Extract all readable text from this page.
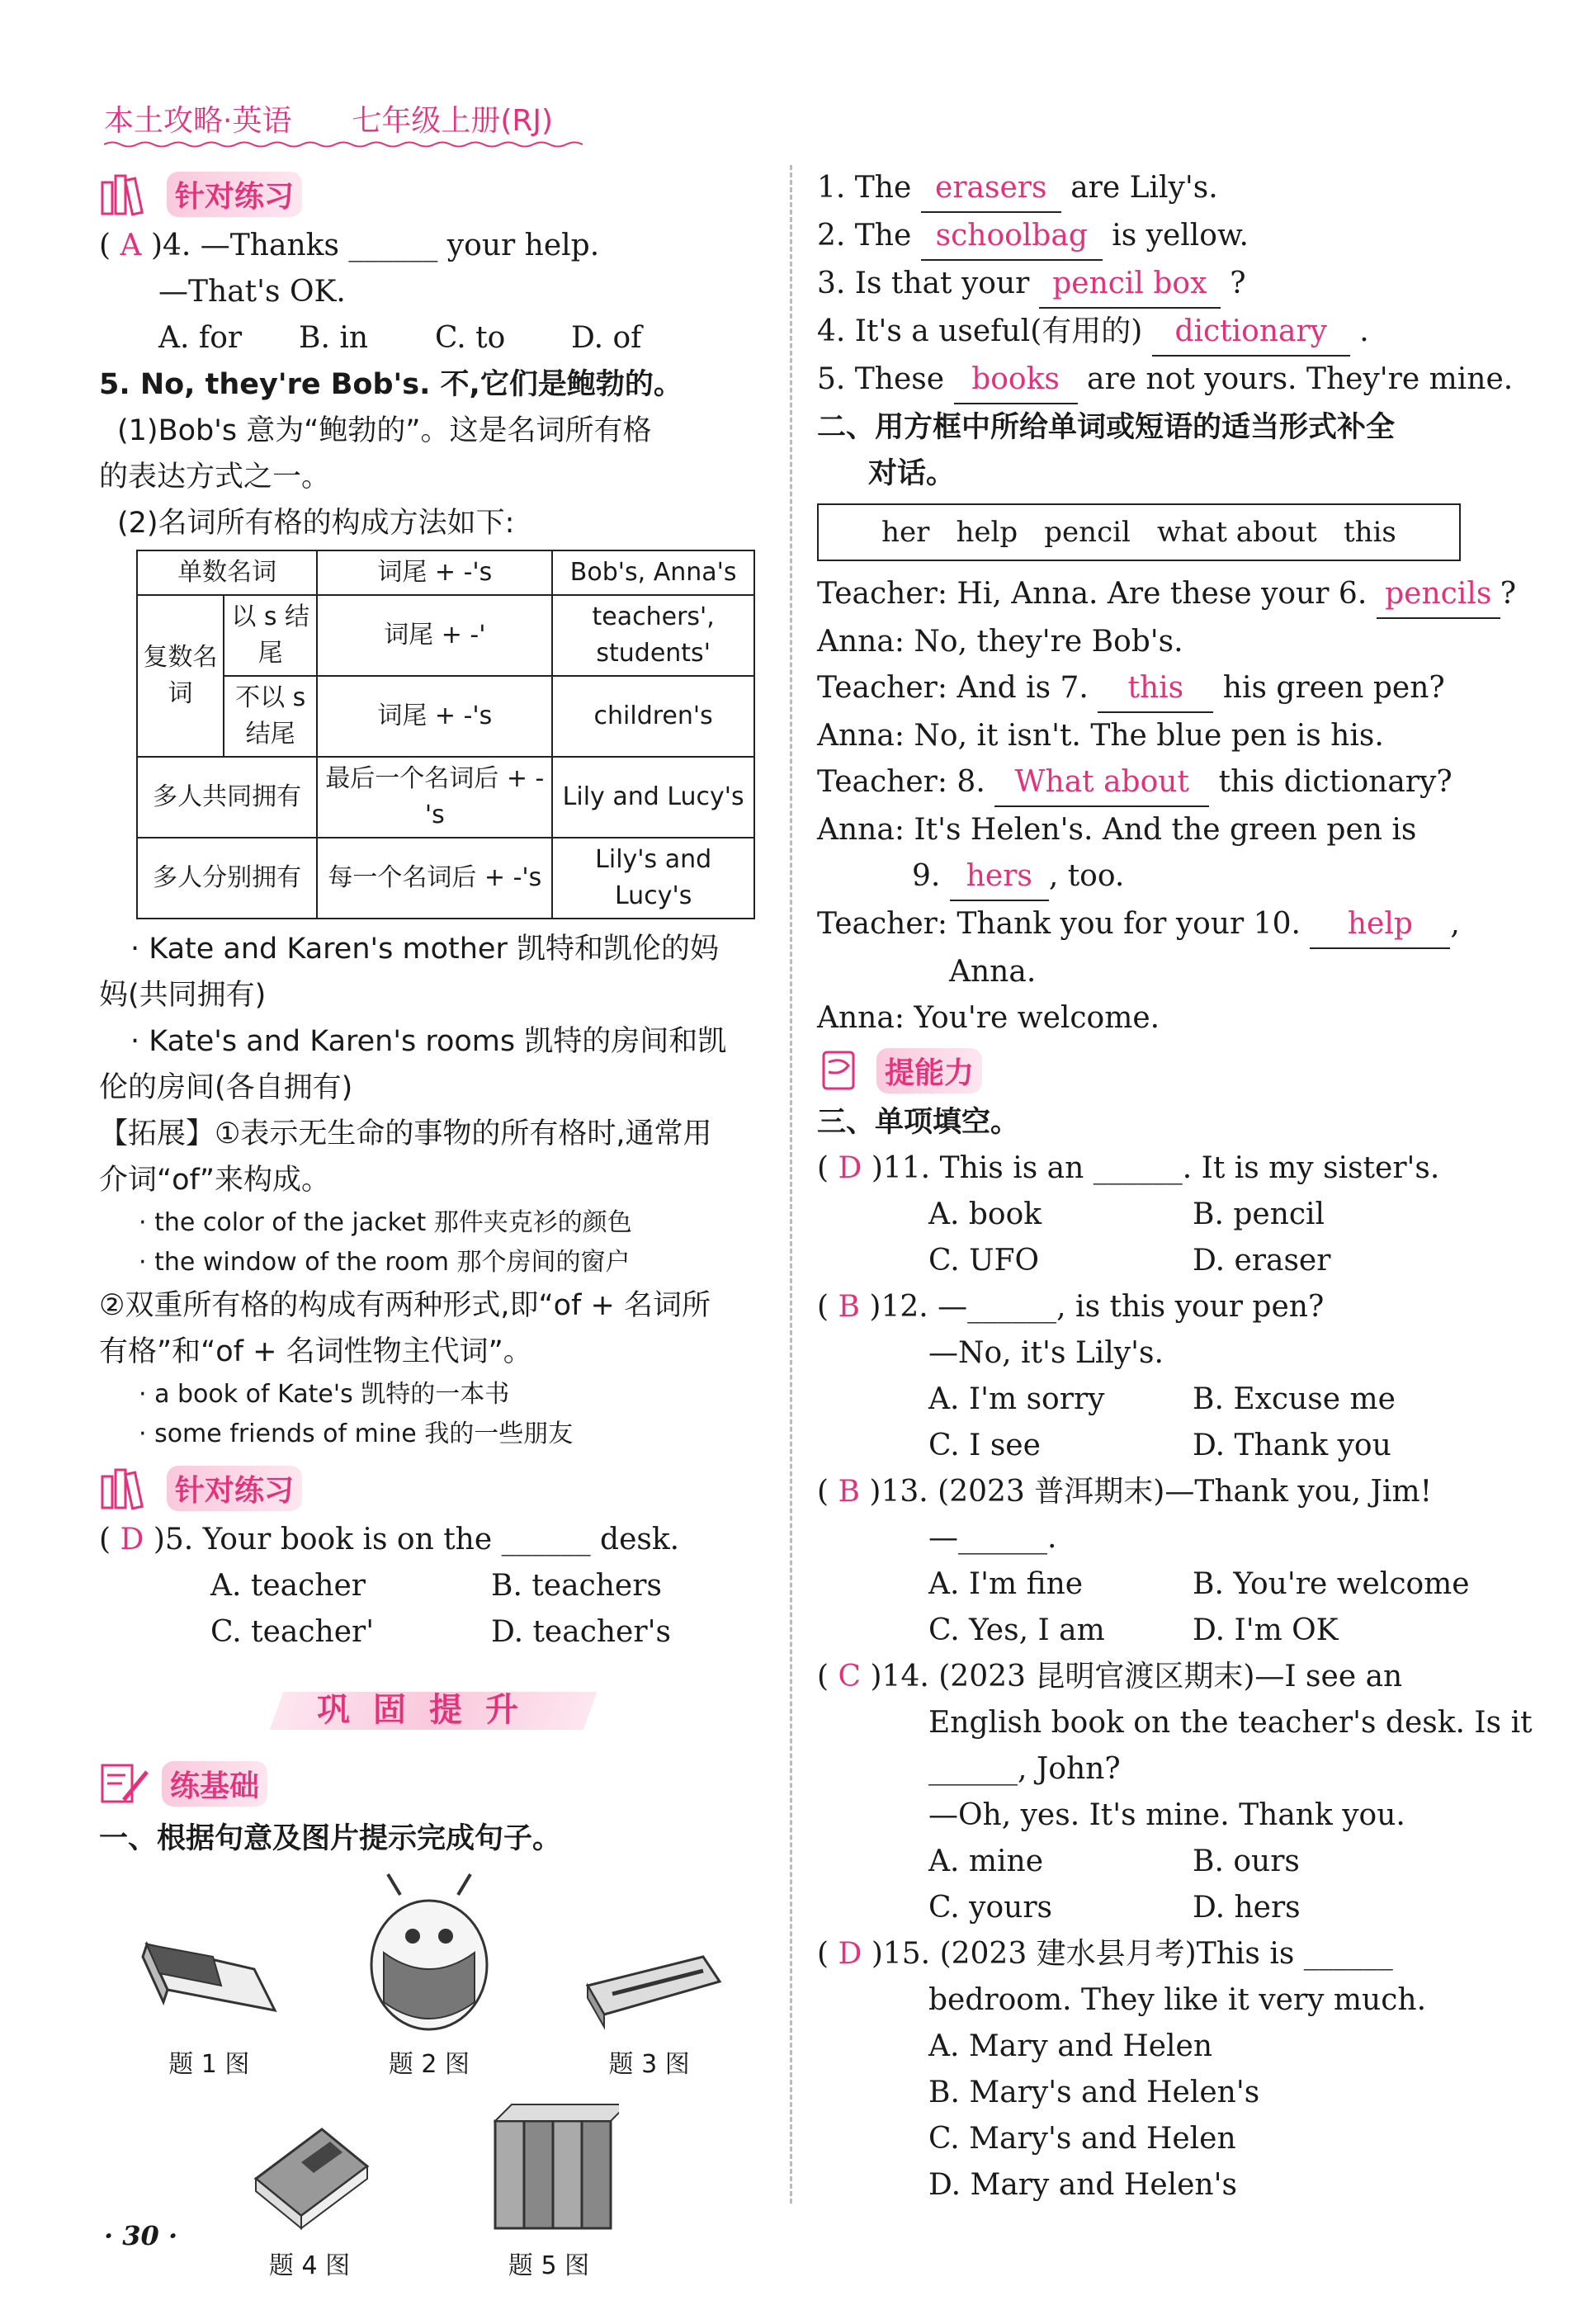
本土攻略·英语 七年级上册(RJ)
针对练习
( A )4. —Thanks ______ your help.
—That's OK.
A. for	B. in	C. to	D. of
5. No, they're Bob's. 不,它们是鲍勃的。
(1)Bob's 意为“鲍勃的”。这是名词所有格
的表达方式之一。
(2)名词所有格的构成方法如下:
单数名词		词尾 + -'s	Bob's, Anna's
复数名词	以 s 结尾	词尾 + -'	teachers', students'
	不以 s 结尾	词尾 + -'s	children's
多人共同拥有		最后一个名词后 + -'s	Lily and Lucy's
多人分别拥有		每一个名词后 + -'s	Lily's and Lucy's
· Kate and Karen's mother 凯特和凯伦的妈
妈(共同拥有)
· Kate's and Karen's rooms 凯特的房间和凯
伦的房间(各自拥有)
【拓展】①表示无生命的事物的所有格时,通常用
介词“of”来构成。
· the color of the jacket 那件夹克衫的颜色
· the window of the room 那个房间的窗户
②双重所有格的构成有两种形式,即“of + 名词所
有格”和“of + 名词性物主代词”。
· a book of Kate's 凯特的一本书
· some friends of mine 我的一些朋友
针对练习
( D )5. Your book is on the ______ desk.
A. teacher	B. teachers
C. teacher'	D. teacher's
巩固提升
练基础
一、根据句意及图片提示完成句子。
题 1 图	题 2 图	题 3 图
题 4 图	题 5 图
1. The erasers are Lily's.
2. The schoolbag is yellow.
3. Is that your pencil box ?
4. It's a useful(有用的) dictionary .
5. These books are not yours. They're mine.
二、用方框中所给单词或短语的适当形式补全
对话。
her help pencil what about this
Teacher: Hi, Anna. Are these your 6. pencils ?
Anna: No, they're Bob's.
Teacher: And is 7. this his green pen?
Anna: No, it isn't. The blue pen is his.
Teacher: 8. What about this dictionary?
Anna: It's Helen's. And the green pen is
9. hers , too.
Teacher: Thank you for your 10. help ,
Anna.
Anna: You're welcome.
提能力
三、单项填空。
( D )11. This is an ______. It is my sister's.
A. book	B. pencil
C. UFO	D. eraser
( B )12. —______, is this your pen?
—No, it's Lily's.
A. I'm sorry	B. Excuse me
C. I see	D. Thank you
( B )13. (2023 普洱期末)—Thank you, Jim!
—______.
A. I'm fine	B. You're welcome
C. Yes, I am	D. I'm OK
( C )14. (2023 昆明官渡区期末)—I see an
English book on the teacher's desk. Is it
______, John?
—Oh, yes. It's mine. Thank you.
A. mine	B. ours
C. yours	D. hers
( D )15. (2023 建水县月考)This is ______
bedroom. They like it very much.
A. Mary and Helen
B. Mary's and Helen's
C. Mary's and Helen
D. Mary and Helen's
· 30 ·
